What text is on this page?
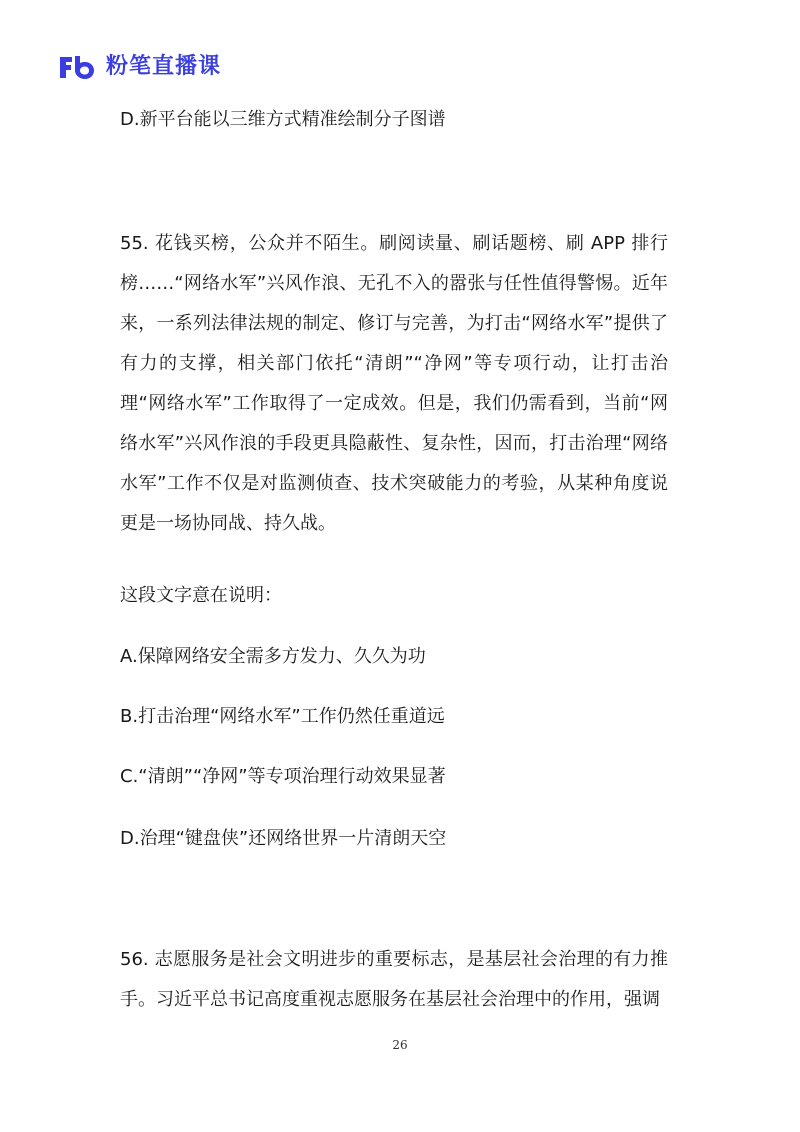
粉笔直播课
D.新平台能以三维方式精准绘制分子图谱
55. 花钱买榜，公众并不陌生。刷阅读量、刷话题榜、刷 APP 排行榜……“网络水军”兴风作浪、无孔不入的嚣张与任性值得警惕。近年来，一系列法律法规的制定、修订与完善，为打击“网络水军”提供了有力的支撑，相关部门依托“清朗”“净网”等专项行动，让打击治理“网络水军”工作取得了一定成效。但是，我们仍需看到，当前“网络水军”兴风作浪的手段更具隐蔽性、复杂性，因而，打击治理“网络水军”工作不仅是对监测侦查、技术突破能力的考验，从某种角度说更是一场协同战、持久战。
这段文字意在说明：
A.保障网络安全需多方发力、久久为功
B.打击治理“网络水军”工作仍然任重道远
C.“清朗”“净网”等专项治理行动效果显著
D.治理“键盘侠”还网络世界一片清朗天空
56. 志愿服务是社会文明进步的重要标志，是基层社会治理的有力推手。习近平总书记高度重视志愿服务在基层社会治理中的作用，强调
26
